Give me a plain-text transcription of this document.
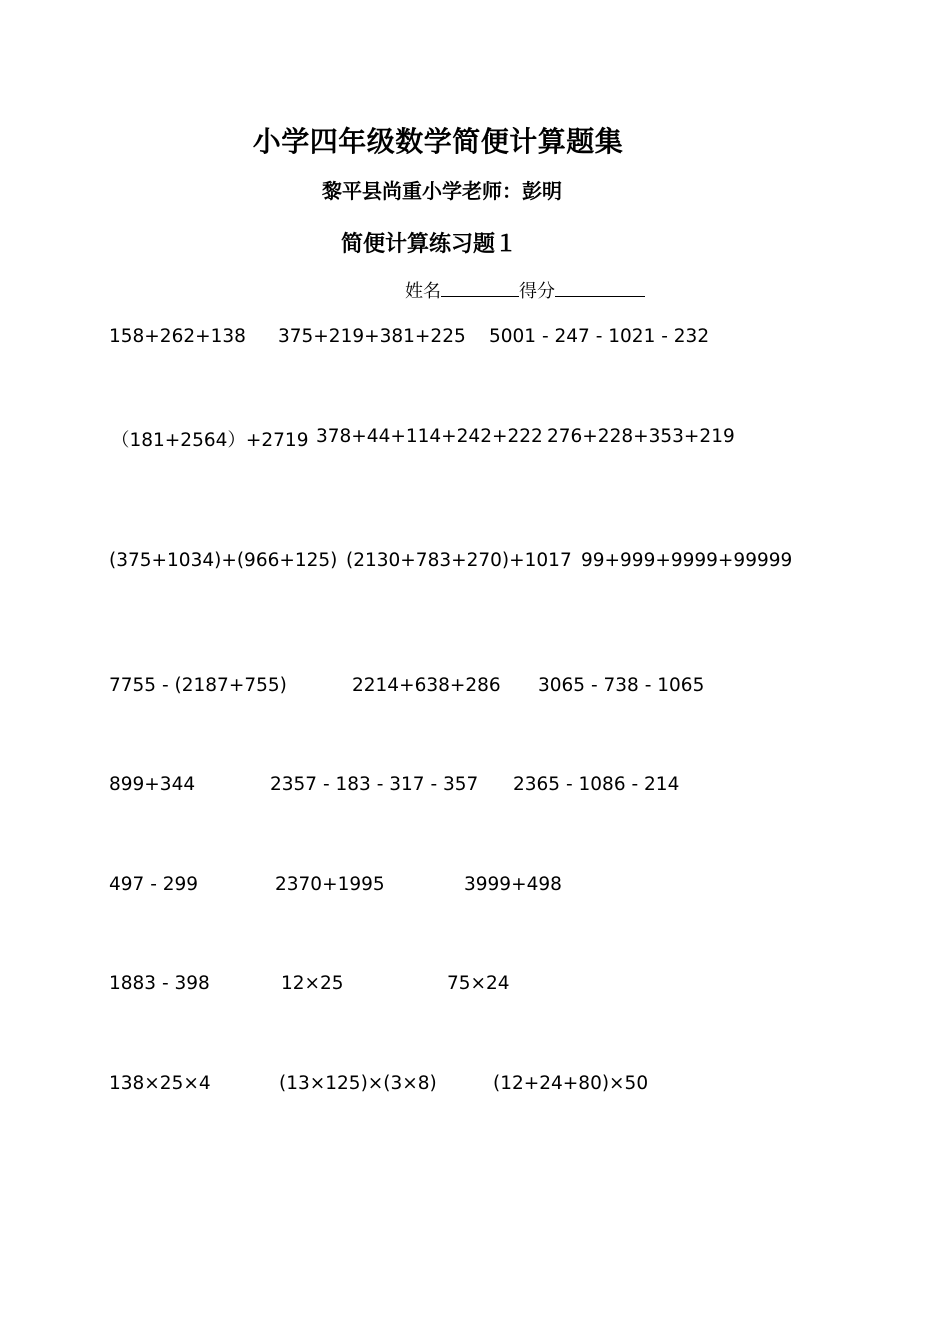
小学四年级数学简便计算题集
黎平县尚重小学老师：彭明
简便计算练习题１
姓名	得分
158+262+138 375+219+381+225 5001 - 247 - 1021 - 232
（181+2564）+2719 378+44+114+242+222 276+228+353+219
(375+1034)+(966+125) (2130+783+270)+1017 99+999+9999+99999
7755 - (2187+755)	2214+638+286 3065 - 738 - 1065
899+344	2357 - 183 - 317 - 357 2365 - 1086 - 214
497 - 299	2370+1995	3999+498
1883 - 398	12×25	75×24
138×25×4	(13×125)×(3×8)	(12+24+80)×50
